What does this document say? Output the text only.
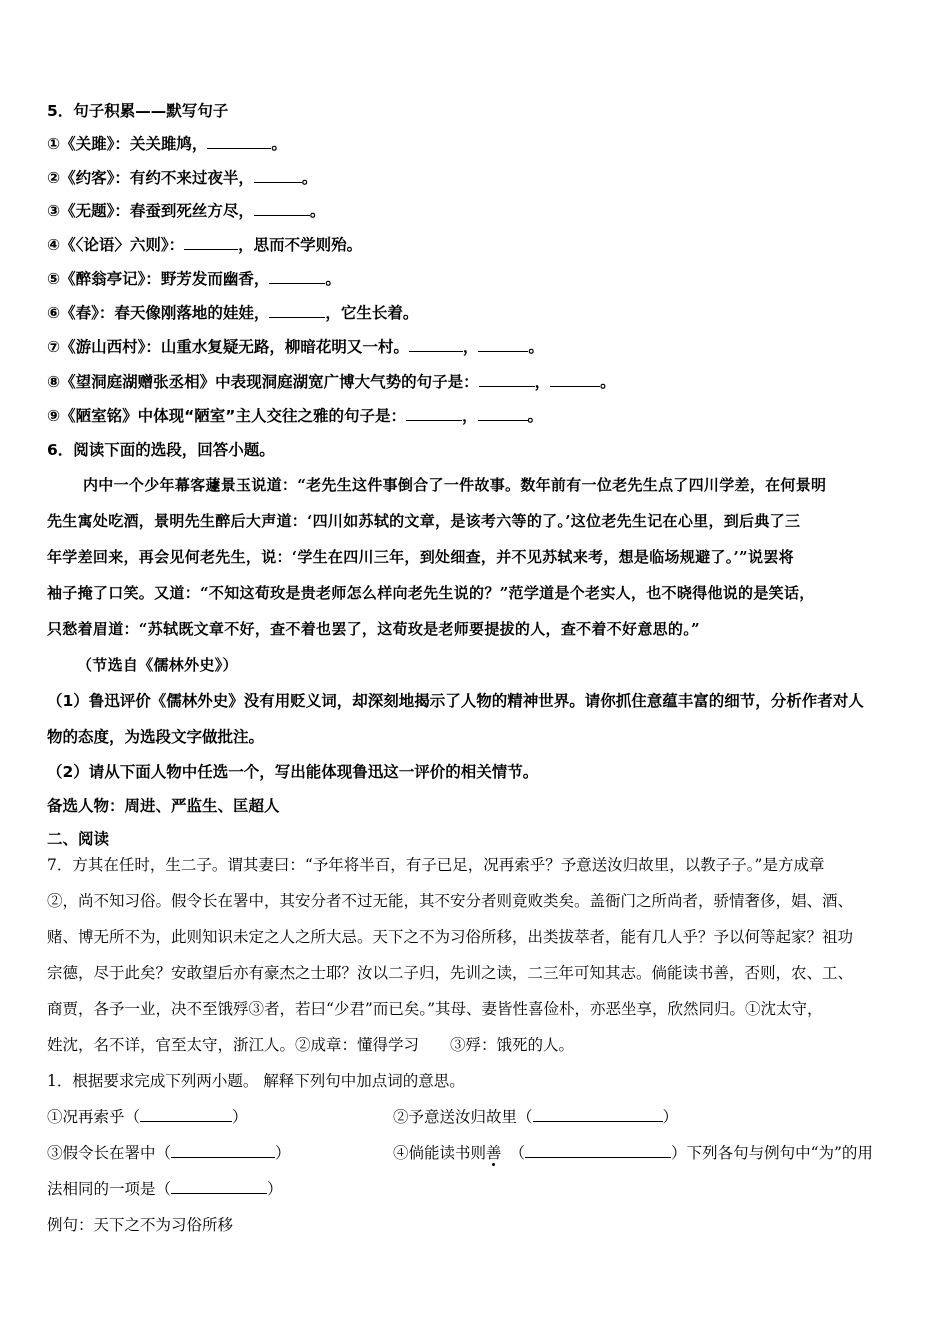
5．句子积累——默写句子
①《关雎》：关关雎鸠，	。
②《约客》：有约不来过夜半，	。
③《无题》：春蚕到死丝方尽，	。
④《〈论语〉六则》：	，思而不学则殆。
⑤《醉翁亭记》：野芳发而幽香，	。
⑥《春》：春天像刚落地的娃娃，	，它生长着。
⑦《游山西村》：山重水复疑无路，柳暗花明又一村。	，	。
⑧《望洞庭湖赠张丞相》中表现洞庭湖宽广博大气势的句子是：	，	。
⑨《陋室铭》中体现“陋室”主人交往之雅的句子是：	，	。
6．阅读下面的选段，回答小题。
内中一个少年幕客蘧景玉说道：“老先生这件事倒合了一件故事。数年前有一位老先生点了四川学差，在何景明
先生寓处吃酒，景明先生醉后大声道：‘四川如苏轼的文章，是该考六等的了。’这位老先生记在心里，到后典了三
年学差回来，再会见何老先生，说：‘学生在四川三年，到处细查，并不见苏轼来考，想是临场规避了。’”说罢将
袖子掩了口笑。又道：“不知这荀玫是贵老师怎么样向老先生说的？”范学道是个老实人，也不晓得他说的是笑话，
只愁着眉道：“苏轼既文章不好，查不着也罢了，这荀玫是老师要提拔的人，查不着不好意思的。”
（节选自《儒林外史》）
（1）鲁迅评价《儒林外史》没有用贬义词，却深刻地揭示了人物的精神世界。请你抓住意蕴丰富的细节，分析作者对人
物的态度，为选段文字做批注。
（2）请从下面人物中任选一个，写出能体现鲁迅这一评价的相关情节。
备选人物：周进、严监生、匡超人
二、阅读
7．方其在任时，生二子。谓其妻曰：“予年将半百，有子已足，况再索乎？予意送汝归故里，以教子子。”是方成章
②，尚不知习俗。假令长在署中，其安分者不过无能，其不安分者则竟败类矣。盖衙门之所尚者，骄情奢侈，娼、酒、
赌、博无所不为，此则知识未定之人之所大忌。天下之不为习俗所移，出类拔萃者，能有几人乎？予以何等起家？祖功
宗德，尽于此矣？安敢望后亦有豪杰之士耶？汝以二子归，先训之读，二三年可知其志。倘能读书善，否则，农、工、
商贾，各予一业，决不至饿殍③者，若曰“少君”而已矣。”其母、妻皆性喜俭朴，亦恶坐享，欣然同归。①沈太守，
姓沈，名不详，官至太守，浙江人。②成章：懂得学习　　③殍：饿死的人。
1．根据要求完成下列两小题。 解释下列句中加点词的意思。
①况再索乎（	）	②予意送汝归故里（	）
③假令长在署中（	）	④倘能读书则善 （	）下列各句与例句中“为”的用
法相同的一项是（	）
例句：天下之不为习俗所移
